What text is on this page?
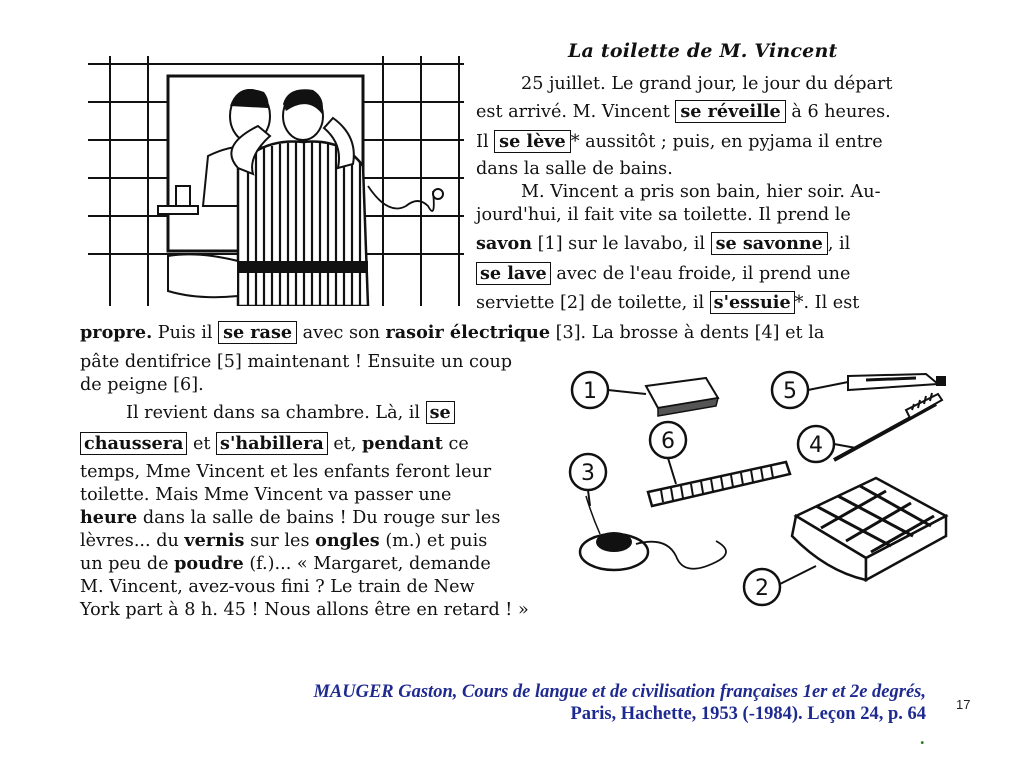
La toilette de M. Vincent
25 juillet. Le grand jour, le jour du départ
est arrivé. M. Vincent se réveille à 6 heures.
Il se lève * aussitôt ; puis, en pyjama il entre
dans la salle de bains.
M. Vincent a pris son bain, hier soir. Au-
jourd'hui, il fait vite sa toilette. Il prend le
savon [1] sur le lavabo, il se savonne , il
se lave avec de l'eau froide, il prend une
serviette [2] de toilette, il s'essuie *. Il est
propre. Puis il se rase avec son rasoir électrique [3]. La brosse à dents [4] et la
pâte dentifrice [5] maintenant ! Ensuite un coup
de peigne [6].
Il revient dans sa chambre. Là, il se
chaussera et s'habillera et, pendant ce
temps, Mme Vincent et les enfants feront leur
toilette. Mais Mme Vincent va passer une
heure dans la salle de bains ! Du rouge sur les
lèvres... du vernis sur les ongles (m.) et puis
un peu de poudre (f.)... « Margaret, demande
M. Vincent, avez-vous fini ? Le train de New
York part à 8 h. 45 ! Nous allons être en retard ! »
1
2
3
4
5
6
MAUGER Gaston, Cours de langue et de civilisation françaises 1er et 2e degrés,
Paris, Hachette, 1953 (-1984). Leçon 24, p. 64
.
17
